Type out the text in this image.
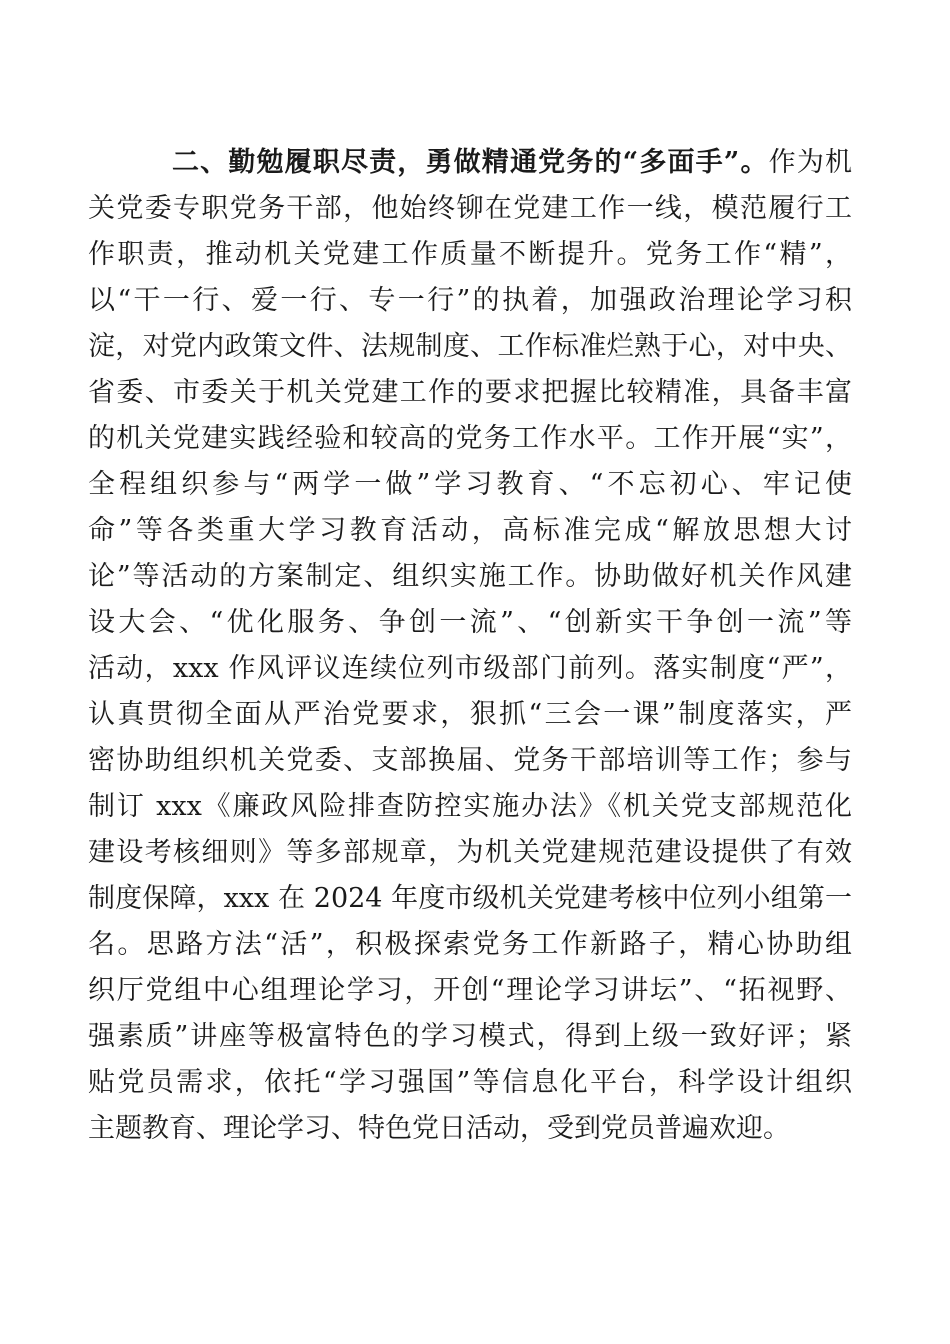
二、勤勉履职尽责，勇做精通党务的“多面手”。作为机
关党委专职党务干部，他始终铆在党建工作一线，模范履行工
作职责，推动机关党建工作质量不断提升。党务工作“精”，
以“干一行、爱一行、专一行”的执着，加强政治理论学习积
淀，对党内政策文件、法规制度、工作标准烂熟于心，对中央、
省委、市委关于机关党建工作的要求把握比较精准，具备丰富
的机关党建实践经验和较高的党务工作水平。工作开展“实”，
全程组织参与“两学一做”学习教育、“不忘初心、牢记使
命”等各类重大学习教育活动，高标准完成“解放思想大讨
论”等活动的方案制定、组织实施工作。协助做好机关作风建
设大会、“优化服务、争创一流”、“创新实干争创一流”等
活动，xxx 作风评议连续位列市级部门前列。落实制度“严”，
认真贯彻全面从严治党要求，狠抓“三会一课”制度落实，严
密协助组织机关党委、支部换届、党务干部培训等工作；参与
制订 xxx《廉政风险排查防控实施办法》《机关党支部规范化
建设考核细则》等多部规章，为机关党建规范建设提供了有效
制度保障，xxx 在 2024 年度市级机关党建考核中位列小组第一
名。思路方法“活”，积极探索党务工作新路子，精心协助组
织厅党组中心组理论学习，开创“理论学习讲坛”、“拓视野、
强素质”讲座等极富特色的学习模式，得到上级一致好评；紧
贴党员需求，依托“学习强国”等信息化平台，科学设计组织
主题教育、理论学习、特色党日活动，受到党员普遍欢迎。
